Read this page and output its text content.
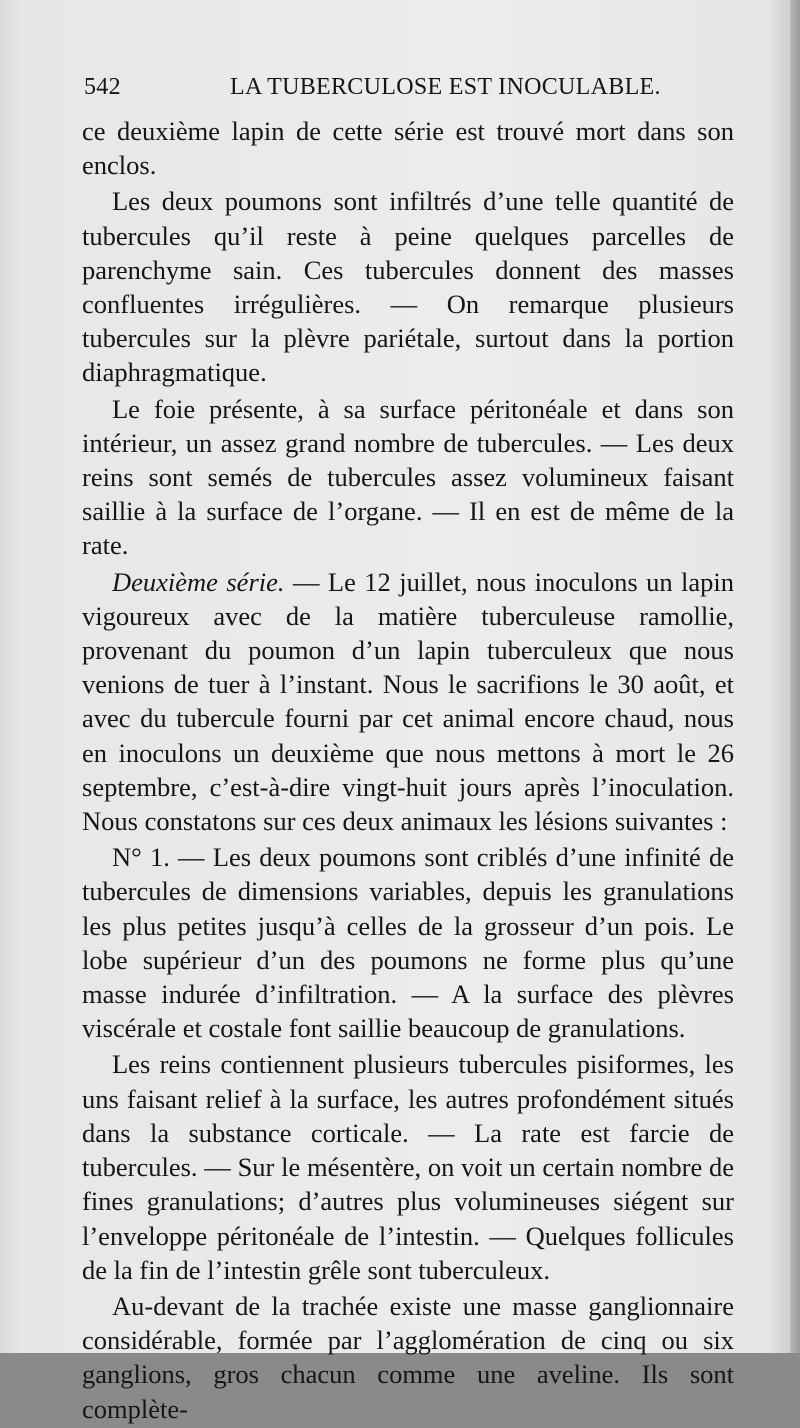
542	LA TUBERCULOSE EST INOCULABLE.

ce deuxième lapin de cette série est trouvé mort dans son enclos.

Les deux poumons sont infiltrés d’une telle quantité de tubercules qu’il reste à peine quelques parcelles de parenchyme sain. Ces tubercules donnent des masses confluentes irrégulières. — On remarque plusieurs tubercules sur la plèvre pariétale, surtout dans la portion diaphragmatique.

Le foie présente, à sa surface péritonéale et dans son intérieur, un assez grand nombre de tubercules. — Les deux reins sont semés de tubercules assez volumineux faisant saillie à la surface de l’organe. — Il en est de même de la rate.

Deuxième série. — Le 12 juillet, nous inoculons un lapin vigoureux avec de la matière tuberculeuse ramollie, provenant du poumon d’un lapin tuberculeux que nous venions de tuer à l’instant. Nous le sacrifions le 30 août, et avec du tubercule fourni par cet animal encore chaud, nous en inoculons un deuxième que nous mettons à mort le 26 septembre, c’est-à-dire vingt-huit jours après l’inoculation. Nous constatons sur ces deux animaux les lésions suivantes :

N° 1. — Les deux poumons sont criblés d’une infinité de tubercules de dimensions variables, depuis les granulations les plus petites jusqu’à celles de la grosseur d’un pois. Le lobe supérieur d’un des poumons ne forme plus qu’une masse indurée d’infiltration. — A la surface des plèvres viscérale et costale font saillie beaucoup de granulations.

Les reins contiennent plusieurs tubercules pisiformes, les uns faisant relief à la surface, les autres profondément situés dans la substance corticale. — La rate est farcie de tubercules. — Sur le mésentère, on voit un certain nombre de fines granulations; d’autres plus volumineuses siégent sur l’enveloppe péritonéale de l’intestin. — Quelques follicules de la fin de l’intestin grêle sont tuberculeux.

Au-devant de la trachée existe une masse ganglionnaire considérable, formée par l’agglomération de cinq ou six ganglions, gros chacun comme une aveline. Ils sont complète-
